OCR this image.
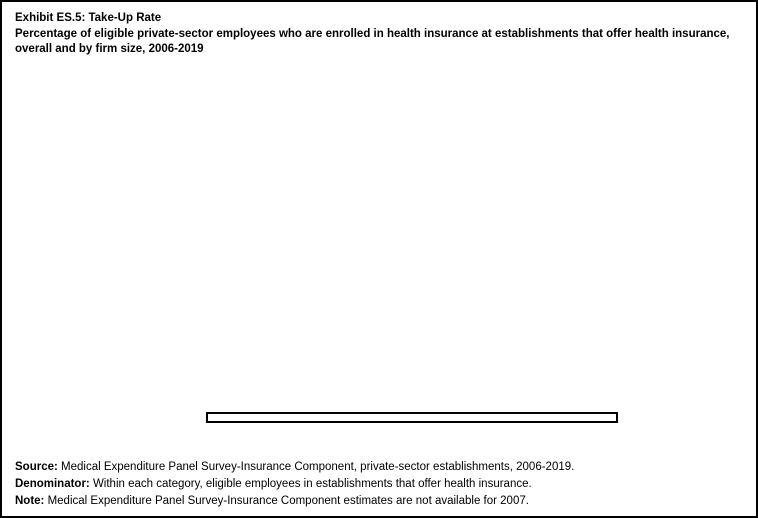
Exhibit ES.5: Take-Up Rate
Percentage of eligible private-sector employees who are enrolled in health insurance at establishments that offer health insurance, overall and by firm size, 2006-2019
Source: Medical Expenditure Panel Survey-Insurance Component, private-sector establishments, 2006-2019.
Denominator: Within each category, eligible employees in establishments that offer health insurance.
Note: Medical Expenditure Panel Survey-Insurance Component estimates are not available for 2007.
